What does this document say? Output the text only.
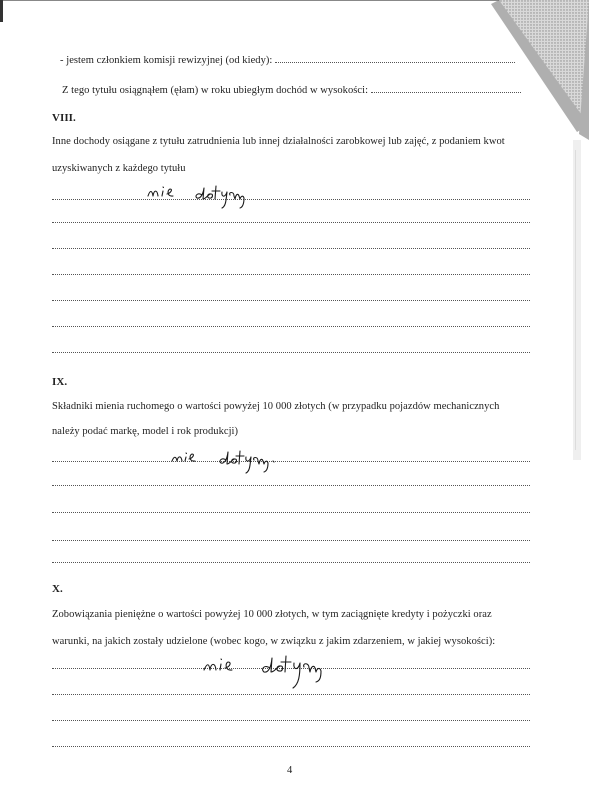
- jestem członkiem komisji rewizyjnej (od kiedy):
Z tego tytułu osiągnąłem (ęłam) w roku ubiegłym dochód w wysokości:
VIII.
Inne dochody osiągane z tytułu zatrudnienia lub innej działalności zarobkowej lub zajęć, z podaniem kwot
uzyskiwanych z każdego tytułu
IX.
Składniki mienia ruchomego o wartości powyżej 10 000 złotych (w przypadku pojazdów mechanicznych
należy podać markę, model i rok produkcji)
X.
Zobowiązania pieniężne o wartości powyżej 10 000 złotych, w tym zaciągnięte kredyty i pożyczki oraz
warunki, na jakich zostały udzielone (wobec kogo, w związku z jakim zdarzeniem, w jakiej wysokości):
4
